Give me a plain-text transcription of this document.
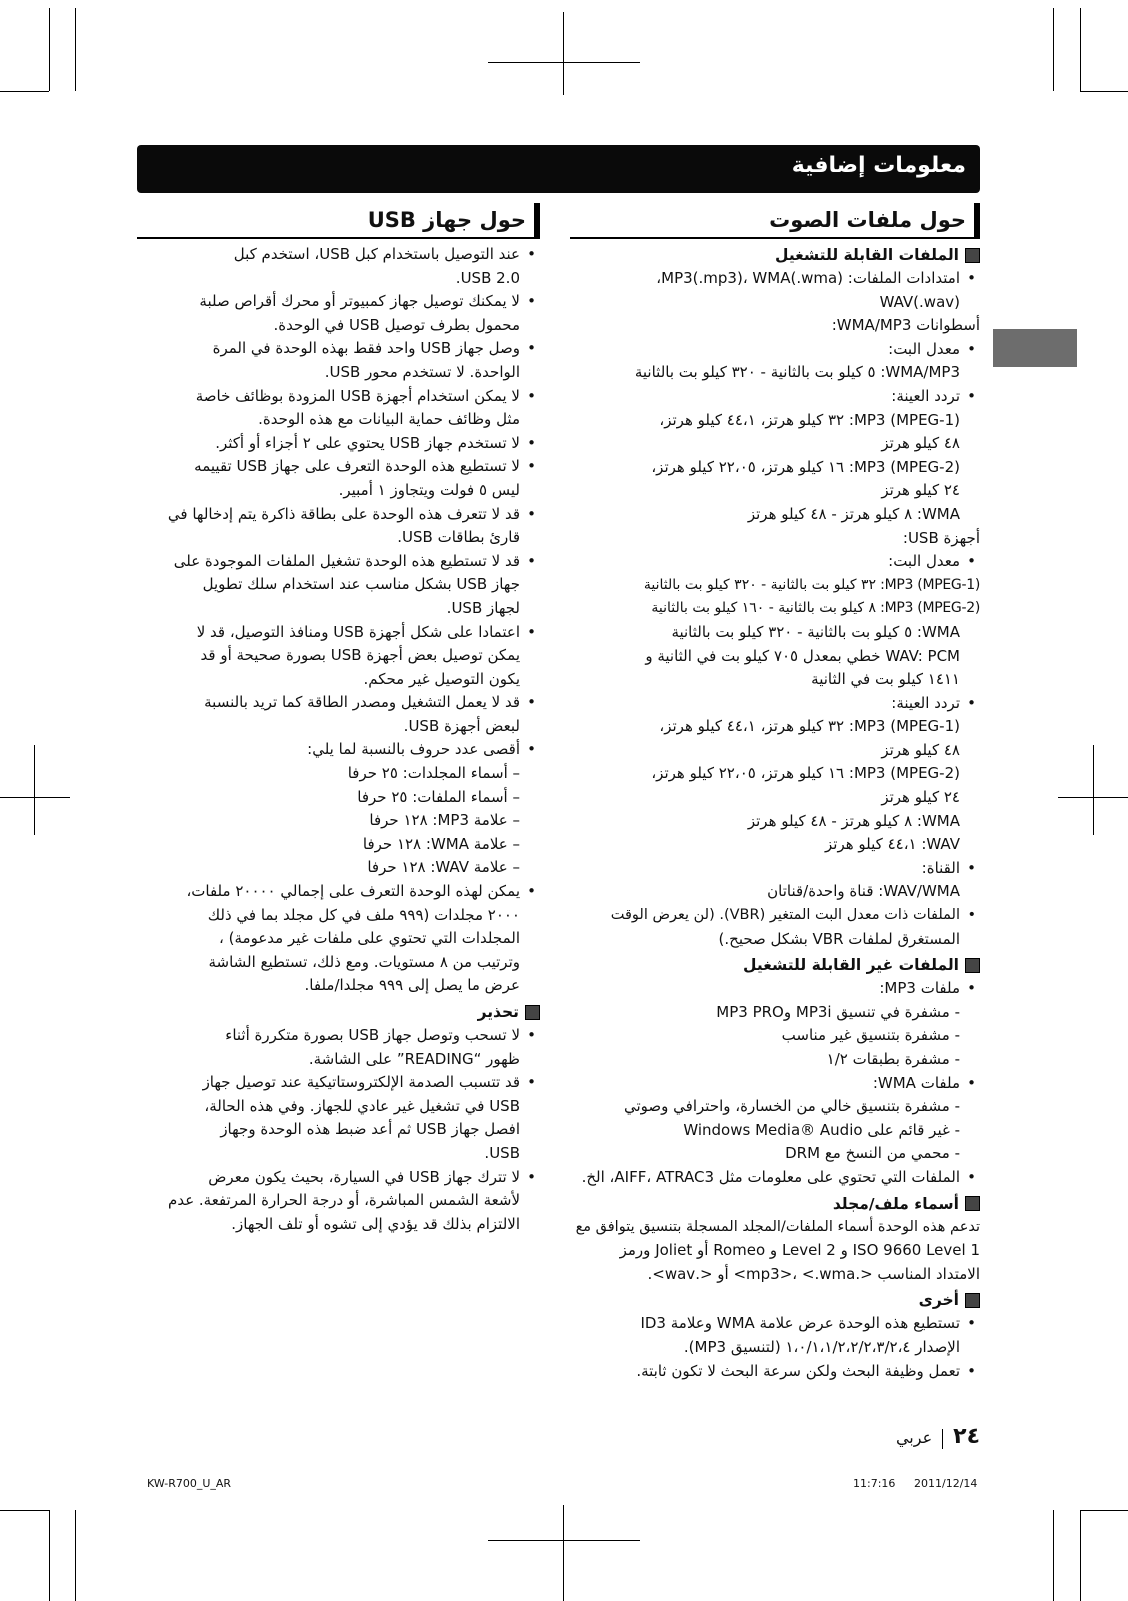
معلومات إضافية
حول ملفات الصوت
الملفات القابلة للتشغيل

• امتدادات الملفات: MP3(.mp3)، WMA(.wma)،

WAV(.wav)

أسطوانات WMA/MP3:

• معدل البت:

WMA/MP3: ٥ كيلو بت بالثانية - ٣٢٠ كيلو بت بالثانية

• تردد العينة:

MP3 (MPEG-1): ٣٢ كيلو هرتز، ٤٤،١ كيلو هرتز،

٤٨ كيلو هرتز

MP3 (MPEG-2): ١٦ كيلو هرتز، ٢٢،٠٥ كيلو هرتز،

٢٤ كيلو هرتز

WMA: ٨ كيلو هرتز - ٤٨ كيلو هرتز

أجهزة USB:

• معدل البت:

MP3 (MPEG-1): ٣٢ كيلو بت بالثانية - ٣٢٠ كيلو بت بالثانية

MP3 (MPEG-2): ٨ كيلو بت بالثانية - ١٦٠ كيلو بت بالثانية

WMA: ٥ كيلو بت بالثانية - ٣٢٠ كيلو بت بالثانية

WAV: PCM خطي بمعدل ٧٠٥ كيلو بت في الثانية و

١٤١١ كيلو بت في الثانية

• تردد العينة:

MP3 (MPEG-1): ٣٢ كيلو هرتز، ٤٤،١ كيلو هرتز،

٤٨ كيلو هرتز

MP3 (MPEG-2): ١٦ كيلو هرتز، ٢٢،٠٥ كيلو هرتز،

٢٤ كيلو هرتز

WMA: ٨ كيلو هرتز - ٤٨ كيلو هرتز

WAV: ٤٤،١ كيلو هرتز

• القناة:

WAV/WMA: قناة واحدة/قناتان

• الملفات ذات معدل البت المتغير (VBR). (لن يعرض الوقت

المستغرق لملفات VBR بشكل صحيح.)

الملفات غير القابلة للتشغيل

• ملفات MP3:

- مشفرة في تنسيق MP3i وMP3 PRO

- مشفرة بتنسيق غير مناسب

- مشفرة بطبقات ١/٢

• ملفات WMA:

- مشفرة بتنسيق خالي من الخسارة، واحترافي وصوتي

- غير قائم على Windows Media® Audio

- محمي من النسخ مع DRM

• الملفات التي تحتوي على معلومات مثل AIFF، ATRAC3، الخ.

أسماء ملف/مجلد

تدعم هذه الوحدة أسماء الملفات/المجلد المسجلة بتنسيق يتوافق مع

ISO 9660 Level 1 و Level 2 و Romeo أو Joliet ورمز

الامتداد المناسب <.mp3>، <.wma> أو <.wav>.

أخرى

• تستطيع هذه الوحدة عرض علامة WMA وعلامة ID3

الإصدار ١،٠/١،١/٢،٢/٢،٣/٢،٤ (لتنسيق MP3).

• تعمل وظيفة البحث ولكن سرعة البحث لا تكون ثابتة.

حول جهاز USB

• عند التوصيل باستخدام كبل USB، استخدم كبل

USB 2.0.

• لا يمكنك توصيل جهاز كمبيوتر أو محرك أقراص صلبة

محمول بطرف توصيل USB في الوحدة.

• وصل جهاز USB واحد فقط بهذه الوحدة في المرة

الواحدة. لا تستخدم محور USB.

• لا يمكن استخدام أجهزة USB المزودة بوظائف خاصة

مثل وظائف حماية البيانات مع هذه الوحدة.

• لا تستخدم جهاز USB يحتوي على ٢ أجزاء أو أكثر.

• لا تستطيع هذه الوحدة التعرف على جهاز USB تقييمه

ليس ٥ فولت ويتجاوز ١ أمبير.

• قد لا تتعرف هذه الوحدة على بطاقة ذاكرة يتم إدخالها في

قارئ بطاقات USB.

• قد لا تستطيع هذه الوحدة تشغيل الملفات الموجودة على

جهاز USB بشكل مناسب عند استخدام سلك تطويل

لجهاز USB.

• اعتمادا على شكل أجهزة USB ومنافذ التوصيل، قد لا

يمكن توصيل بعض أجهزة USB بصورة صحيحة أو قد

يكون التوصيل غير محكم.

• قد لا يعمل التشغيل ومصدر الطاقة كما تريد بالنسبة

لبعض أجهزة USB.

• أقصى عدد حروف بالنسبة لما يلي:

– أسماء المجلدات: ٢٥ حرفا

– أسماء الملفات: ٢٥ حرفا

– علامة MP3: ١٢٨ حرفا

– علامة WMA: ١٢٨ حرفا

– علامة WAV: ١٢٨ حرفا

• يمكن لهذه الوحدة التعرف على إجمالي ٢٠٠٠٠ ملفات،

٢٠٠٠ مجلدات (٩٩٩ ملف في كل مجلد بما في ذلك

المجلدات التي تحتوي على ملفات غير مدعومة) ،

وترتيب من ٨ مستويات. ومع ذلك، تستطيع الشاشة

عرض ما يصل إلى ٩٩٩ مجلدا/ملفا.

تحذير

• لا تسحب وتوصل جهاز USB بصورة متكررة أثناء

ظهور “READING” على الشاشة.

• قد تتسبب الصدمة الإلكتروستاتيكية عند توصيل جهاز

USB في تشغيل غير عادي للجهاز. وفي هذه الحالة،

افصل جهاز USB ثم أعد ضبط هذه الوحدة وجهاز

USB.

• لا تترك جهاز USB في السيارة، بحيث يكون معرض

لأشعة الشمس المباشرة، أو درجة الحرارة المرتفعة. عدم

الالتزام بذلك قد يؤدي إلى تشوه أو تلف الجهاز.

٢٤عربي
KW-R700_U_AR	11:7:16 2011/12/14
